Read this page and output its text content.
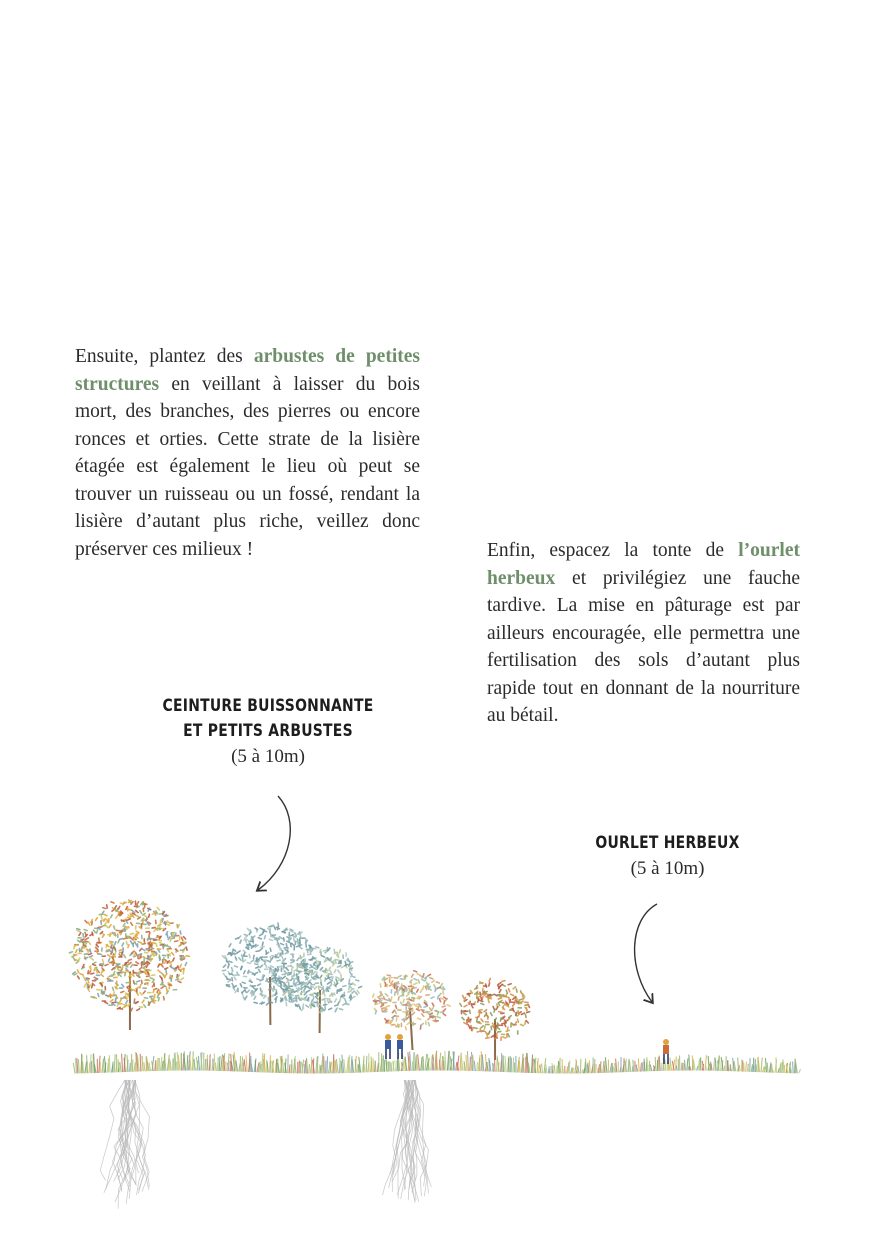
Ensuite, plantez des arbustes de petites structures en veillant à laisser du bois mort, des branches, des pierres ou encore ronces et orties. Cette strate de la lisière étagée est également le lieu où peut se trouver un ruisseau ou un fossé, rendant la lisière d’autant plus riche, veillez donc préserver ces milieux !	Enfin, espacez la tonte de l’ourlet herbeux et privilégiez une fauche tardive. La mise en pâturage est par ailleurs encouragée, elle permettra une fertilisation des sols d’autant plus rapide tout en donnant de la nourriture au bétail.
CEINTURE BUISSONNANTE
ET PETITS ARBUSTES
(5 à 10m)
OURLET HERBEUX
(5 à 10m)
